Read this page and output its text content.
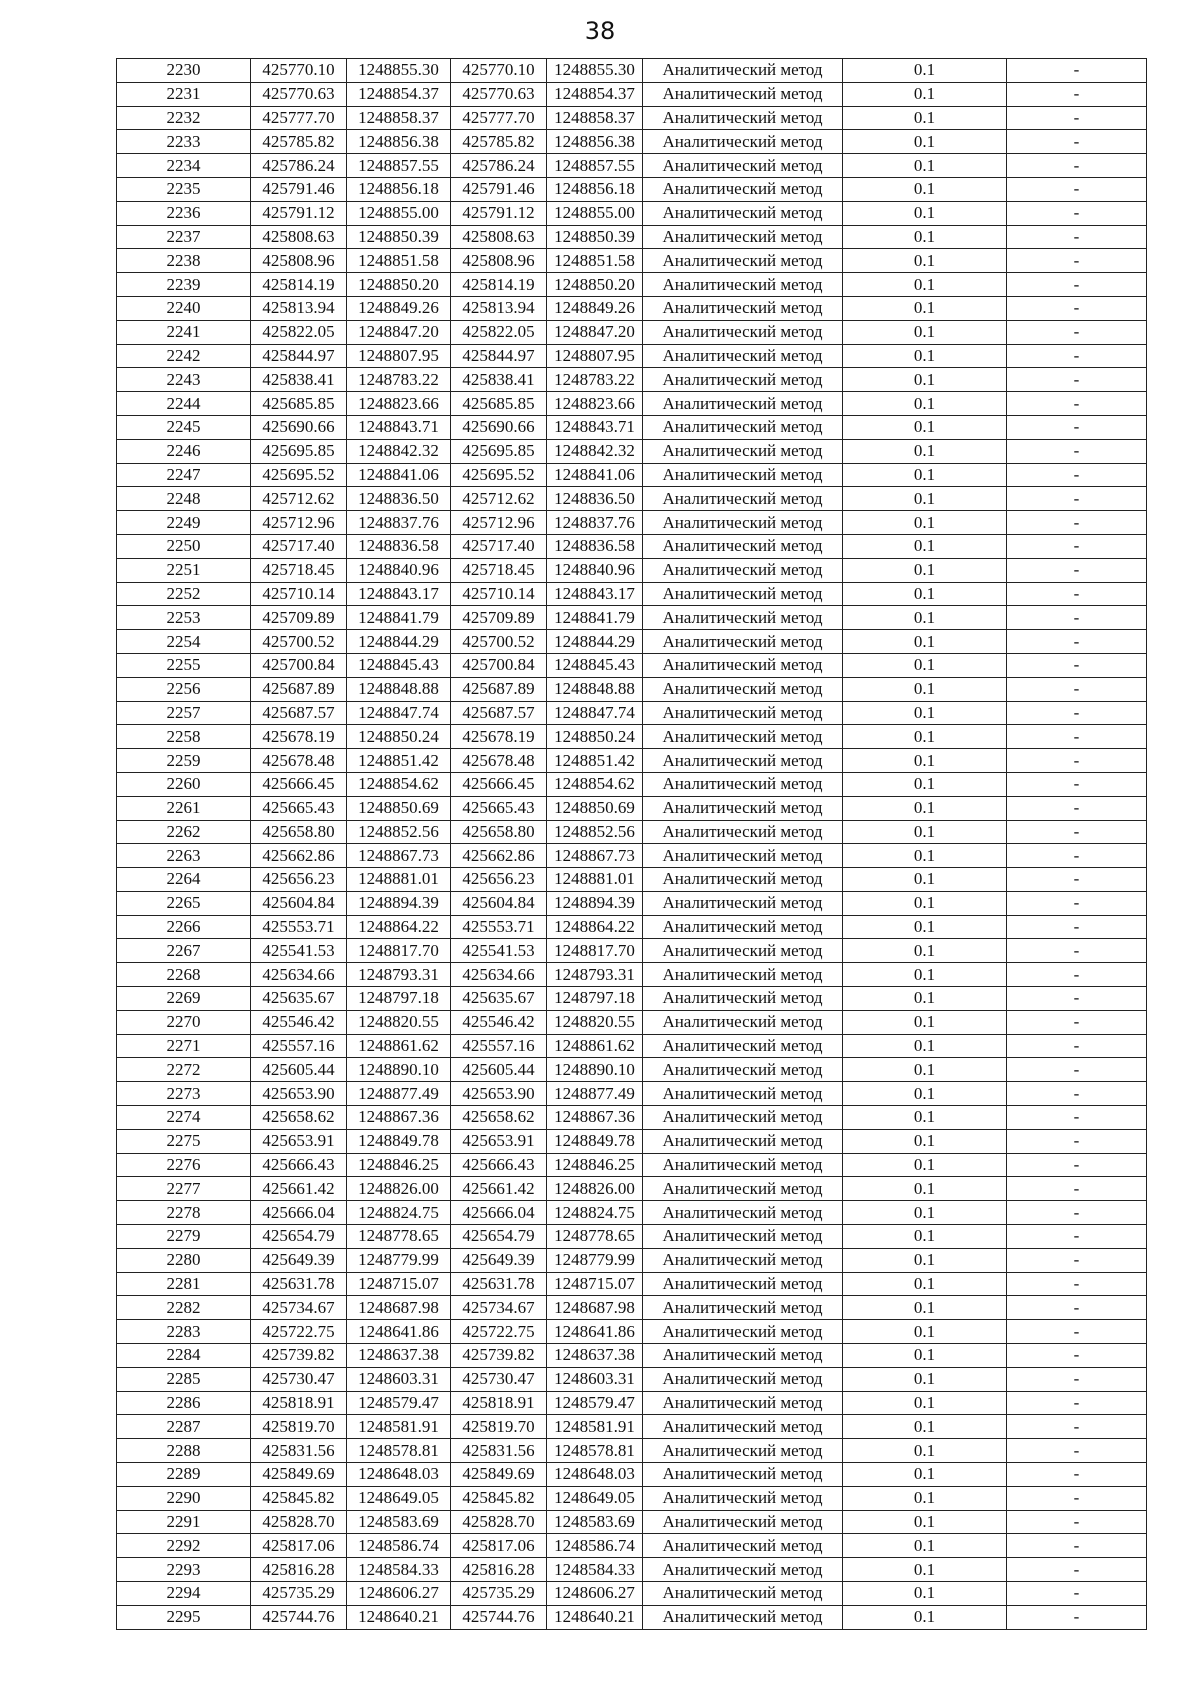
38
2230	425770.10	1248855.30	425770.10	1248855.30	Аналитический метод	0.1	-
2231	425770.63	1248854.37	425770.63	1248854.37	Аналитический метод	0.1	-
2232	425777.70	1248858.37	425777.70	1248858.37	Аналитический метод	0.1	-
2233	425785.82	1248856.38	425785.82	1248856.38	Аналитический метод	0.1	-
2234	425786.24	1248857.55	425786.24	1248857.55	Аналитический метод	0.1	-
2235	425791.46	1248856.18	425791.46	1248856.18	Аналитический метод	0.1	-
2236	425791.12	1248855.00	425791.12	1248855.00	Аналитический метод	0.1	-
2237	425808.63	1248850.39	425808.63	1248850.39	Аналитический метод	0.1	-
2238	425808.96	1248851.58	425808.96	1248851.58	Аналитический метод	0.1	-
2239	425814.19	1248850.20	425814.19	1248850.20	Аналитический метод	0.1	-
2240	425813.94	1248849.26	425813.94	1248849.26	Аналитический метод	0.1	-
2241	425822.05	1248847.20	425822.05	1248847.20	Аналитический метод	0.1	-
2242	425844.97	1248807.95	425844.97	1248807.95	Аналитический метод	0.1	-
2243	425838.41	1248783.22	425838.41	1248783.22	Аналитический метод	0.1	-
2244	425685.85	1248823.66	425685.85	1248823.66	Аналитический метод	0.1	-
2245	425690.66	1248843.71	425690.66	1248843.71	Аналитический метод	0.1	-
2246	425695.85	1248842.32	425695.85	1248842.32	Аналитический метод	0.1	-
2247	425695.52	1248841.06	425695.52	1248841.06	Аналитический метод	0.1	-
2248	425712.62	1248836.50	425712.62	1248836.50	Аналитический метод	0.1	-
2249	425712.96	1248837.76	425712.96	1248837.76	Аналитический метод	0.1	-
2250	425717.40	1248836.58	425717.40	1248836.58	Аналитический метод	0.1	-
2251	425718.45	1248840.96	425718.45	1248840.96	Аналитический метод	0.1	-
2252	425710.14	1248843.17	425710.14	1248843.17	Аналитический метод	0.1	-
2253	425709.89	1248841.79	425709.89	1248841.79	Аналитический метод	0.1	-
2254	425700.52	1248844.29	425700.52	1248844.29	Аналитический метод	0.1	-
2255	425700.84	1248845.43	425700.84	1248845.43	Аналитический метод	0.1	-
2256	425687.89	1248848.88	425687.89	1248848.88	Аналитический метод	0.1	-
2257	425687.57	1248847.74	425687.57	1248847.74	Аналитический метод	0.1	-
2258	425678.19	1248850.24	425678.19	1248850.24	Аналитический метод	0.1	-
2259	425678.48	1248851.42	425678.48	1248851.42	Аналитический метод	0.1	-
2260	425666.45	1248854.62	425666.45	1248854.62	Аналитический метод	0.1	-
2261	425665.43	1248850.69	425665.43	1248850.69	Аналитический метод	0.1	-
2262	425658.80	1248852.56	425658.80	1248852.56	Аналитический метод	0.1	-
2263	425662.86	1248867.73	425662.86	1248867.73	Аналитический метод	0.1	-
2264	425656.23	1248881.01	425656.23	1248881.01	Аналитический метод	0.1	-
2265	425604.84	1248894.39	425604.84	1248894.39	Аналитический метод	0.1	-
2266	425553.71	1248864.22	425553.71	1248864.22	Аналитический метод	0.1	-
2267	425541.53	1248817.70	425541.53	1248817.70	Аналитический метод	0.1	-
2268	425634.66	1248793.31	425634.66	1248793.31	Аналитический метод	0.1	-
2269	425635.67	1248797.18	425635.67	1248797.18	Аналитический метод	0.1	-
2270	425546.42	1248820.55	425546.42	1248820.55	Аналитический метод	0.1	-
2271	425557.16	1248861.62	425557.16	1248861.62	Аналитический метод	0.1	-
2272	425605.44	1248890.10	425605.44	1248890.10	Аналитический метод	0.1	-
2273	425653.90	1248877.49	425653.90	1248877.49	Аналитический метод	0.1	-
2274	425658.62	1248867.36	425658.62	1248867.36	Аналитический метод	0.1	-
2275	425653.91	1248849.78	425653.91	1248849.78	Аналитический метод	0.1	-
2276	425666.43	1248846.25	425666.43	1248846.25	Аналитический метод	0.1	-
2277	425661.42	1248826.00	425661.42	1248826.00	Аналитический метод	0.1	-
2278	425666.04	1248824.75	425666.04	1248824.75	Аналитический метод	0.1	-
2279	425654.79	1248778.65	425654.79	1248778.65	Аналитический метод	0.1	-
2280	425649.39	1248779.99	425649.39	1248779.99	Аналитический метод	0.1	-
2281	425631.78	1248715.07	425631.78	1248715.07	Аналитический метод	0.1	-
2282	425734.67	1248687.98	425734.67	1248687.98	Аналитический метод	0.1	-
2283	425722.75	1248641.86	425722.75	1248641.86	Аналитический метод	0.1	-
2284	425739.82	1248637.38	425739.82	1248637.38	Аналитический метод	0.1	-
2285	425730.47	1248603.31	425730.47	1248603.31	Аналитический метод	0.1	-
2286	425818.91	1248579.47	425818.91	1248579.47	Аналитический метод	0.1	-
2287	425819.70	1248581.91	425819.70	1248581.91	Аналитический метод	0.1	-
2288	425831.56	1248578.81	425831.56	1248578.81	Аналитический метод	0.1	-
2289	425849.69	1248648.03	425849.69	1248648.03	Аналитический метод	0.1	-
2290	425845.82	1248649.05	425845.82	1248649.05	Аналитический метод	0.1	-
2291	425828.70	1248583.69	425828.70	1248583.69	Аналитический метод	0.1	-
2292	425817.06	1248586.74	425817.06	1248586.74	Аналитический метод	0.1	-
2293	425816.28	1248584.33	425816.28	1248584.33	Аналитический метод	0.1	-
2294	425735.29	1248606.27	425735.29	1248606.27	Аналитический метод	0.1	-
2295	425744.76	1248640.21	425744.76	1248640.21	Аналитический метод	0.1	-
